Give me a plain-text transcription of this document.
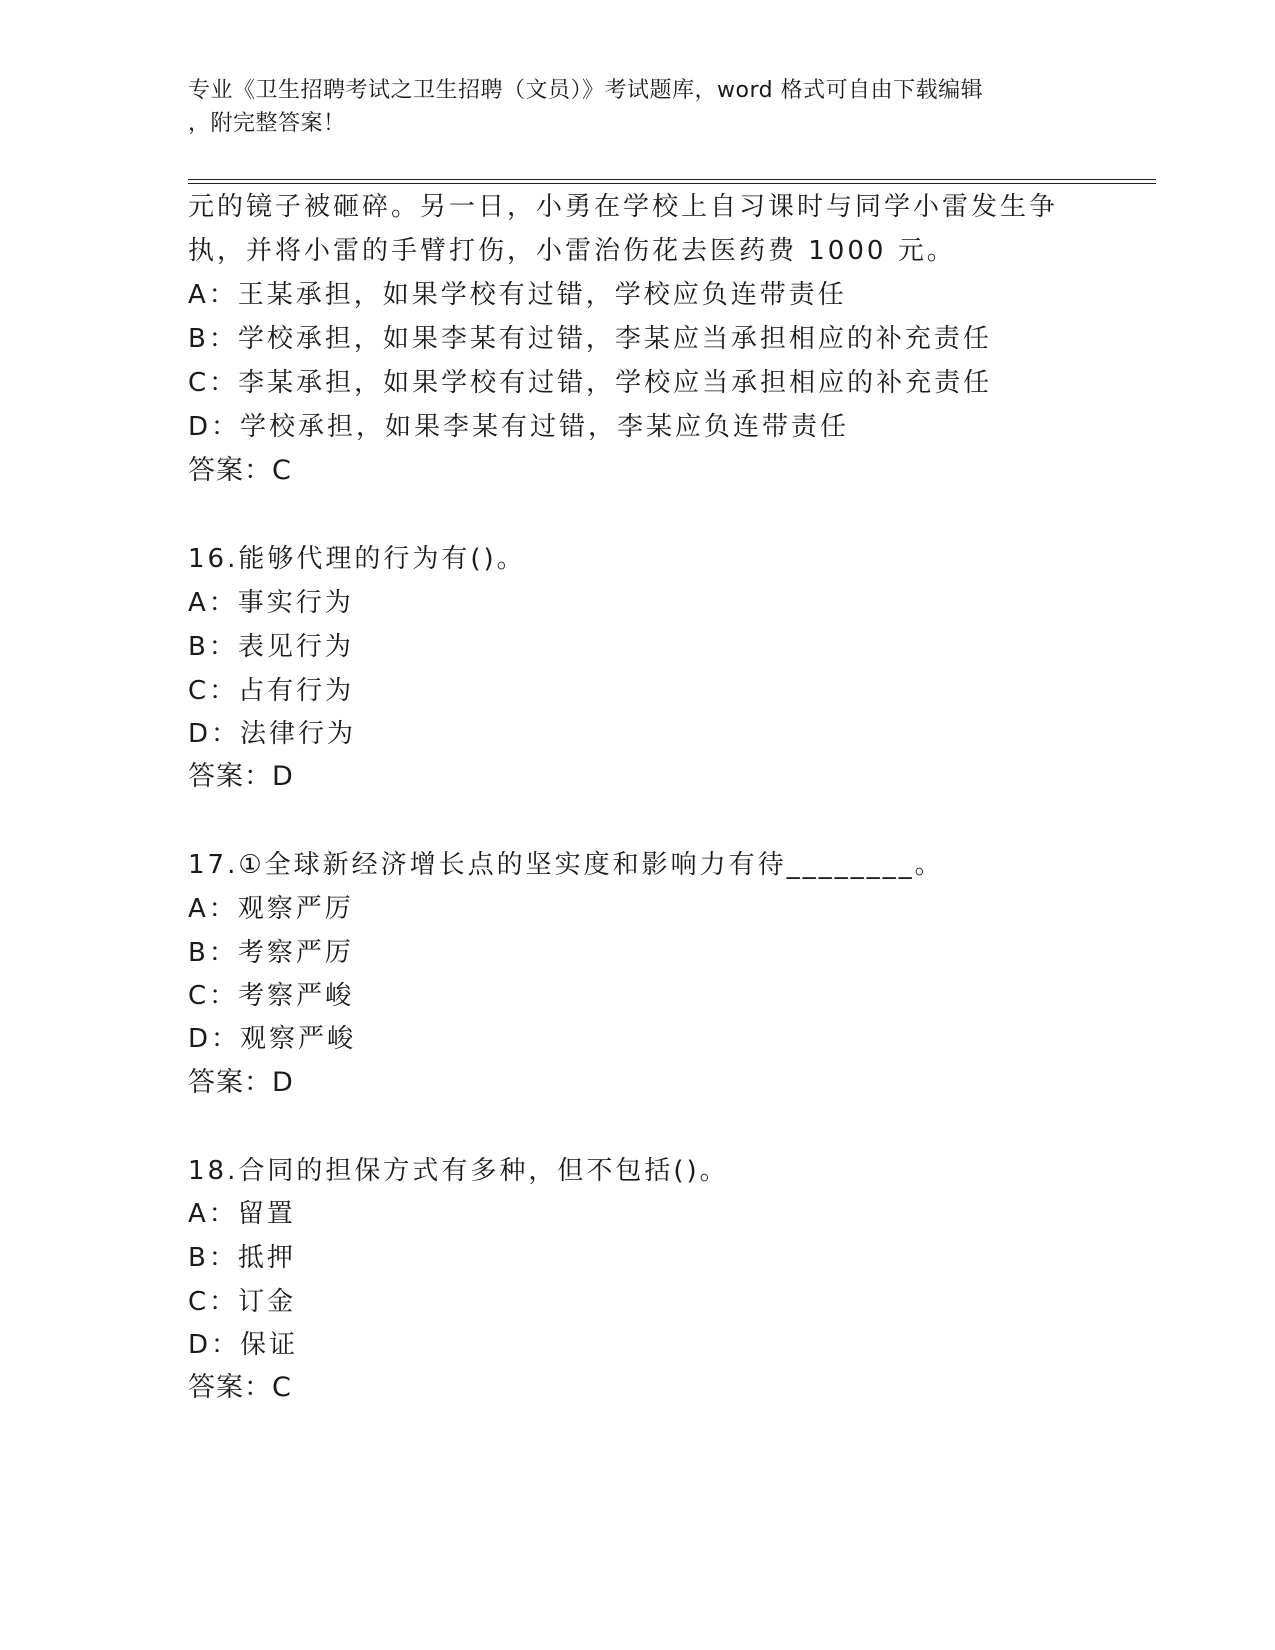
专业《卫生招聘考试之卫生招聘（文员）》考试题库，word 格式可自由下载编辑
，附完整答案！
元的镜子被砸碎。另一日，小勇在学校上自习课时与同学小雷发生争
执，并将小雷的手臂打伤，小雷治伤花去医药费 1000 元。
A：王某承担，如果学校有过错，学校应负连带责任
B：学校承担，如果李某有过错，李某应当承担相应的补充责任
C：李某承担，如果学校有过错，学校应当承担相应的补充责任
D：学校承担，如果李某有过错，李某应负连带责任
答案：C
16.能够代理的行为有()。
A：事实行为
B：表见行为
C：占有行为
D：法律行为
答案：D
17.①全球新经济增长点的坚实度和影响力有待________。
A：观察严厉
B：考察严厉
C：考察严峻
D：观察严峻
答案：D
18.合同的担保方式有多种，但不包括()。
A：留置
B：抵押
C：订金
D：保证
答案：C
